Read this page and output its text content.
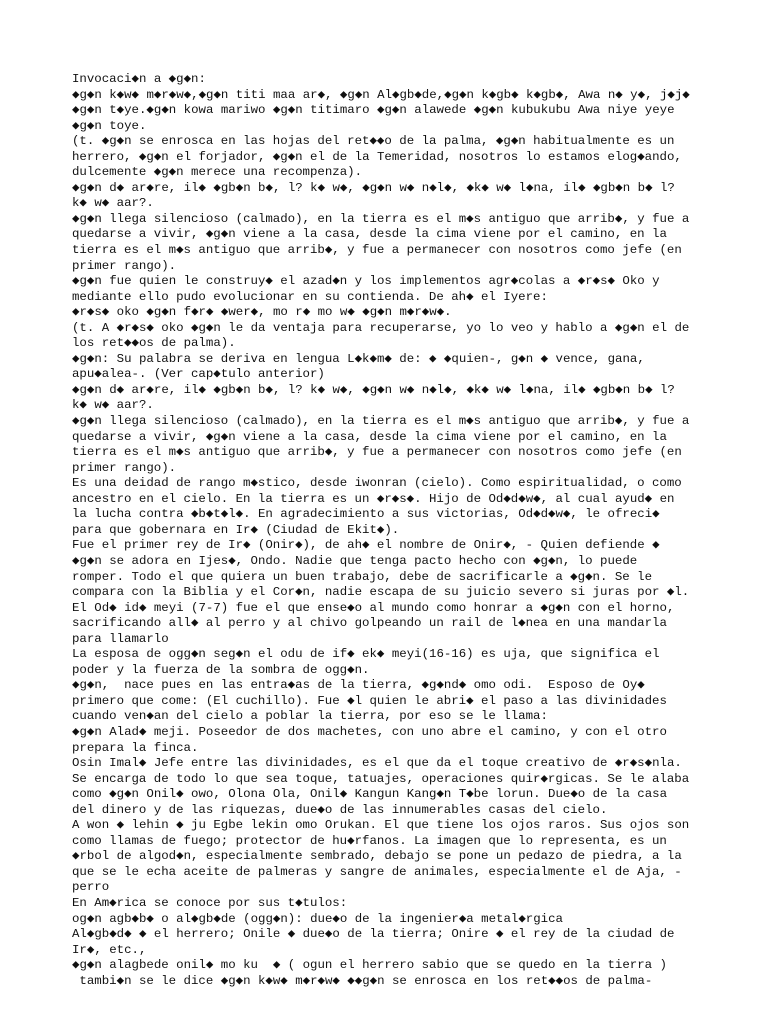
Invocaci◆n a ◆g◆n:
◆g◆n k◆w◆ m◆r◆w◆,◆g◆n titi maa ar◆, ◆g◆n Al◆gb◆de,◆g◆n k◆gb◆ k◆gb◆, Awa n◆ y◆, j◆j◆
◆g◆n t◆ye.◆g◆n kowa mariwo ◆g◆n titimaro ◆g◆n alawede ◆g◆n kubukubu Awa niye yeye
◆g◆n toye.
(t. ◆g◆n se enrosca en las hojas del ret◆◆o de la palma, ◆g◆n habitualmente es un
herrero, ◆g◆n el forjador, ◆g◆n el de la Temeridad, nosotros lo estamos elog◆ando,
dulcemente ◆g◆n merece una recompenza).
◆g◆n d◆ ar◆re, il◆ ◆gb◆n b◆, l? k◆ w◆, ◆g◆n w◆ n◆l◆, ◆k◆ w◆ l◆na, il◆ ◆gb◆n b◆ l?
k◆ w◆ aar?.
◆g◆n llega silencioso (calmado), en la tierra es el m◆s antiguo que arrib◆, y fue a
quedarse a vivir, ◆g◆n viene a la casa, desde la cima viene por el camino, en la
tierra es el m◆s antiguo que arrib◆, y fue a permanecer con nosotros como jefe (en
primer rango).
◆g◆n fue quien le construy◆ el azad◆n y los implementos agr◆colas a ◆r◆s◆ Oko y
mediante ello pudo evolucionar en su contienda. De ah◆ el Iyere:
◆r◆s◆ oko ◆g◆n f◆r◆ ◆wer◆, mo r◆ mo w◆ ◆g◆n m◆r◆w◆.
(t. A ◆r◆s◆ oko ◆g◆n le da ventaja para recuperarse, yo lo veo y hablo a ◆g◆n el de
los ret◆◆os de palma).
◆g◆n: Su palabra se deriva en lengua L◆k◆m◆ de: ◆ ◆quien-, g◆n ◆ vence, gana,
apu◆alea-. (Ver cap◆tulo anterior)
◆g◆n d◆ ar◆re, il◆ ◆gb◆n b◆, l? k◆ w◆, ◆g◆n w◆ n◆l◆, ◆k◆ w◆ l◆na, il◆ ◆gb◆n b◆ l?
k◆ w◆ aar?.
◆g◆n llega silencioso (calmado), en la tierra es el m◆s antiguo que arrib◆, y fue a
quedarse a vivir, ◆g◆n viene a la casa, desde la cima viene por el camino, en la
tierra es el m◆s antiguo que arrib◆, y fue a permanecer con nosotros como jefe (en
primer rango).
Es una deidad de rango m◆stico, desde iwonran (cielo). Como espiritualidad, o como
ancestro en el cielo. En la tierra es un ◆r◆s◆. Hijo de Od◆d◆w◆, al cual ayud◆ en
la lucha contra ◆b◆t◆l◆. En agradecimiento a sus victorias, Od◆d◆w◆, le ofreci◆
para que gobernara en Ir◆ (Ciudad de Ekit◆).
Fue el primer rey de Ir◆ (Onir◆), de ah◆ el nombre de Onir◆, - Quien defiende ◆
◆g◆n se adora en Ijes◆, Ondo. Nadie que tenga pacto hecho con ◆g◆n, lo puede
romper. Todo el que quiera un buen trabajo, debe de sacrificarle a ◆g◆n. Se le
compara con la Biblia y el Cor◆n, nadie escapa de su juicio severo si juras por ◆l.
El Od◆ id◆ meyi (7-7) fue el que ense◆o al mundo como honrar a ◆g◆n con el horno,
sacrificando all◆ al perro y al chivo golpeando un rail de l◆nea en una mandarla
para llamarlo
La esposa de ogg◆n seg◆n el odu de if◆ ek◆ meyi(16-16) es uja, que significa el
poder y la fuerza de la sombra de ogg◆n.
◆g◆n,  nace pues en las entra◆as de la tierra, ◆g◆nd◆ omo odi.  Esposo de Oy◆
primero que come: (El cuchillo). Fue ◆l quien le abri◆ el paso a las divinidades
cuando ven◆an del cielo a poblar la tierra, por eso se le llama:
◆g◆n Alad◆ meji. Poseedor de dos machetes, con uno abre el camino, y con el otro
prepara la finca.
Osin Imal◆ Jefe entre las divinidades, es el que da el toque creativo de ◆r◆s◆nla.
Se encarga de todo lo que sea toque, tatuajes, operaciones quir◆rgicas. Se le alaba
como ◆g◆n Onil◆ owo, Olona Ola, Onil◆ Kangun Kang◆n T◆be lorun. Due◆o de la casa
del dinero y de las riquezas, due◆o de las innumerables casas del cielo.
A won ◆ lehin ◆ ju Egbe lekin omo Orukan. El que tiene los ojos raros. Sus ojos son
como llamas de fuego; protector de hu◆rfanos. La imagen que lo representa, es un
◆rbol de algod◆n, especialmente sembrado, debajo se pone un pedazo de piedra, a la
que se le echa aceite de palmeras y sangre de animales, especialmente el de Aja, -
perro
En Am◆rica se conoce por sus t◆tulos:
og◆n agb◆b◆ o al◆gb◆de (ogg◆n): due◆o de la ingenier◆a metal◆rgica
Al◆gb◆d◆ ◆ el herrero; Onile ◆ due◆o de la tierra; Onire ◆ el rey de la ciudad de
Ir◆, etc.,
◆g◆n alagbede onil◆ mo ku  ◆ ( ogun el herrero sabio que se quedo en la tierra )
tambi◆n se le dice ◆g◆n k◆w◆ m◆r◆w◆ ◆◆g◆n se enrosca en los ret◆◆os de palma-
